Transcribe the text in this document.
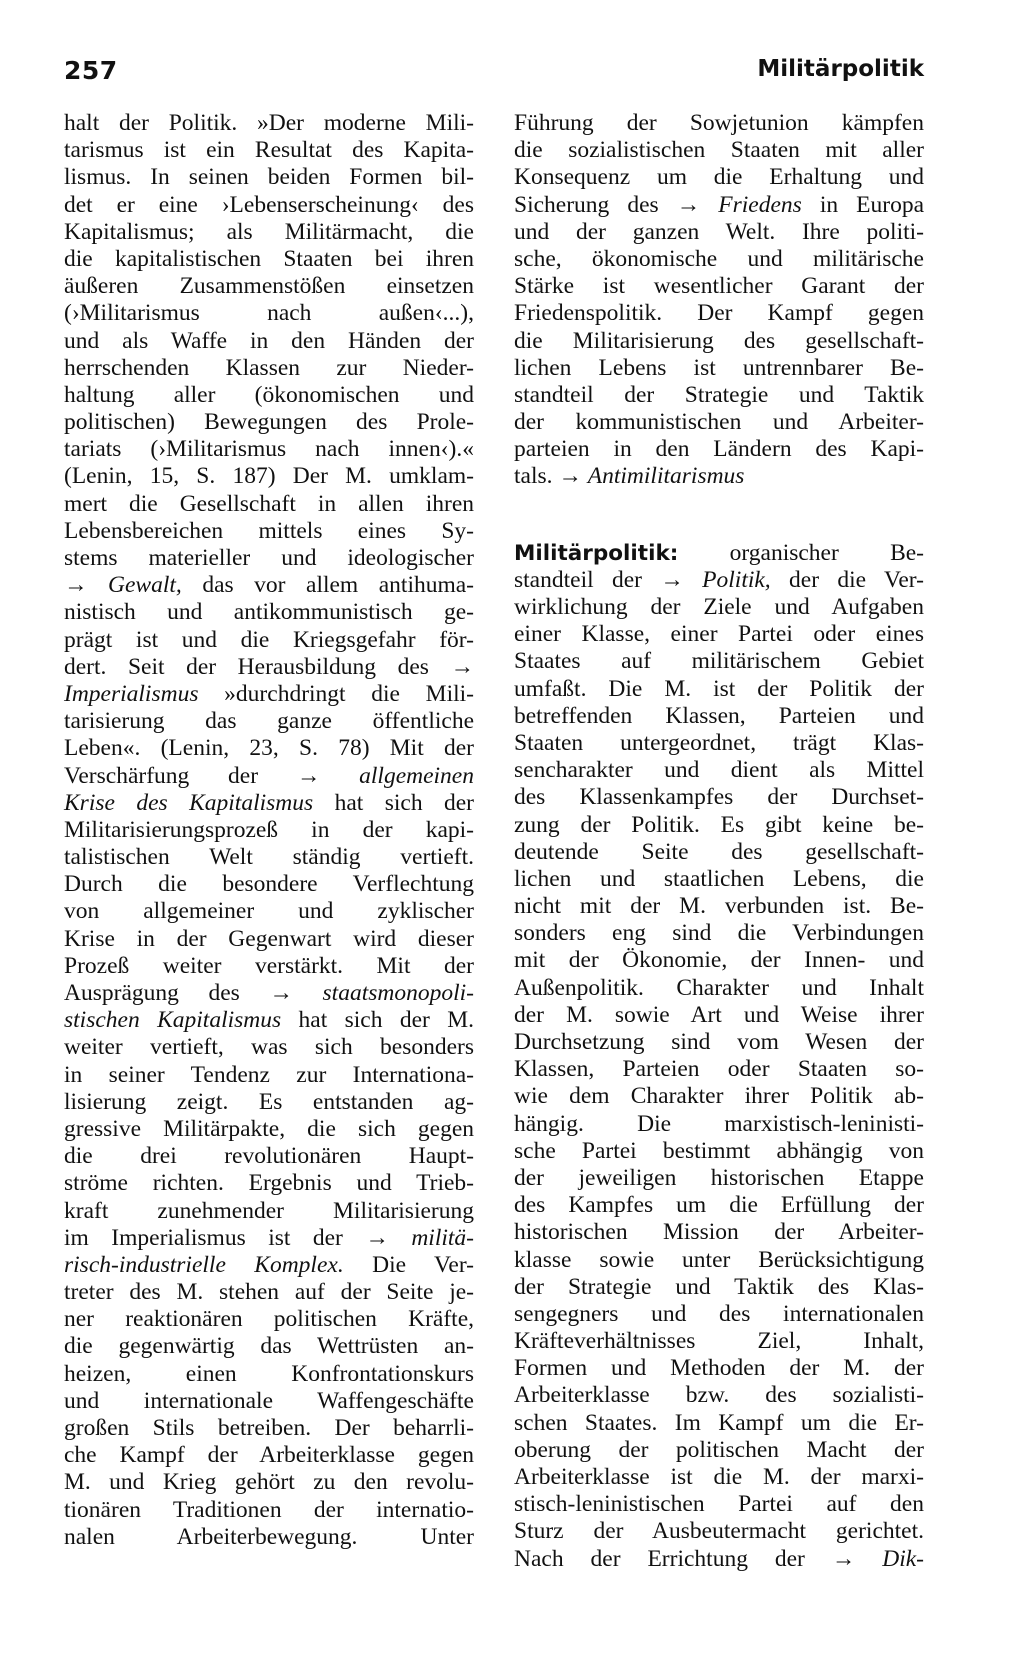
257	Militärpolitik
halt der Politik. »Der moderne Mili-
tarismus ist ein Resultat des Kapita-
lismus. In seinen beiden Formen bil-
det er eine ›Lebenserscheinung‹ des
Kapitalismus; als Militärmacht, die
die kapitalistischen Staaten bei ihren
äußeren Zusammenstößen einsetzen
(›Militarismus nach außen‹...),
und als Waffe in den Händen der
herrschenden Klassen zur Nieder-
haltung aller (ökonomischen und
politischen) Bewegungen des Prole-
tariats (›Militarismus nach innen‹).«
(Lenin, 15, S. 187) Der M. umklam-
mert die Gesellschaft in allen ihren
Lebensbereichen mittels eines Sy-
stems materieller und ideologischer
→ Gewalt, das vor allem antihuma-
nistisch und antikommunistisch ge-
prägt ist und die Kriegsgefahr för-
dert. Seit der Herausbildung des →
Imperialismus »durchdringt die Mili-
tarisierung das ganze öffentliche
Leben«. (Lenin, 23, S. 78) Mit der
Verschärfung der → allgemeinen
Krise des Kapitalismus hat sich der
Militarisierungsprozeß in der kapi-
talistischen Welt ständig vertieft.
Durch die besondere Verflechtung
von allgemeiner und zyklischer
Krise in der Gegenwart wird dieser
Prozeß weiter verstärkt. Mit der
Ausprägung des → staatsmonopoli-
stischen Kapitalismus hat sich der M.
weiter vertieft, was sich besonders
in seiner Tendenz zur Internationa-
lisierung zeigt. Es entstanden ag-
gressive Militärpakte, die sich gegen
die drei revolutionären Haupt-
ströme richten. Ergebnis und Trieb-
kraft zunehmender Militarisierung
im Imperialismus ist der → militä-
risch-industrielle Komplex. Die Ver-
treter des M. stehen auf der Seite je-
ner reaktionären politischen Kräfte,
die gegenwärtig das Wettrüsten an-
heizen, einen Konfrontationskurs
und internationale Waffengeschäfte
großen Stils betreiben. Der beharrli-
che Kampf der Arbeiterklasse gegen
M. und Krieg gehört zu den revolu-
tionären Traditionen der internatio-
nalen Arbeiterbewegung. Unter
Führung der Sowjetunion kämpfen
die sozialistischen Staaten mit aller
Konsequenz um die Erhaltung und
Sicherung des → Friedens in Europa
und der ganzen Welt. Ihre politi-
sche, ökonomische und militärische
Stärke ist wesentlicher Garant der
Friedenspolitik. Der Kampf gegen
die Militarisierung des gesellschaft-
lichen Lebens ist untrennbarer Be-
standteil der Strategie und Taktik
der kommunistischen und Arbeiter-
parteien in den Ländern des Kapi-
tals. → Antimilitarismus
Militärpolitik: organischer Be-
standteil der → Politik, der die Ver-
wirklichung der Ziele und Aufgaben
einer Klasse, einer Partei oder eines
Staates auf militärischem Gebiet
umfaßt. Die M. ist der Politik der
betreffenden Klassen, Parteien und
Staaten untergeordnet, trägt Klas-
sencharakter und dient als Mittel
des Klassenkampfes der Durchset-
zung der Politik. Es gibt keine be-
deutende Seite des gesellschaft-
lichen und staatlichen Lebens, die
nicht mit der M. verbunden ist. Be-
sonders eng sind die Verbindungen
mit der Ökonomie, der Innen- und
Außenpolitik. Charakter und Inhalt
der M. sowie Art und Weise ihrer
Durchsetzung sind vom Wesen der
Klassen, Parteien oder Staaten so-
wie dem Charakter ihrer Politik ab-
hängig. Die marxistisch-leninisti-
sche Partei bestimmt abhängig von
der jeweiligen historischen Etappe
des Kampfes um die Erfüllung der
historischen Mission der Arbeiter-
klasse sowie unter Berücksichtigung
der Strategie und Taktik des Klas-
sengegners und des internationalen
Kräfteverhältnisses Ziel, Inhalt,
Formen und Methoden der M. der
Arbeiterklasse bzw. des sozialisti-
schen Staates. Im Kampf um die Er-
oberung der politischen Macht der
Arbeiterklasse ist die M. der marxi-
stisch-leninistischen Partei auf den
Sturz der Ausbeutermacht gerichtet.
Nach der Errichtung der → Dik-
